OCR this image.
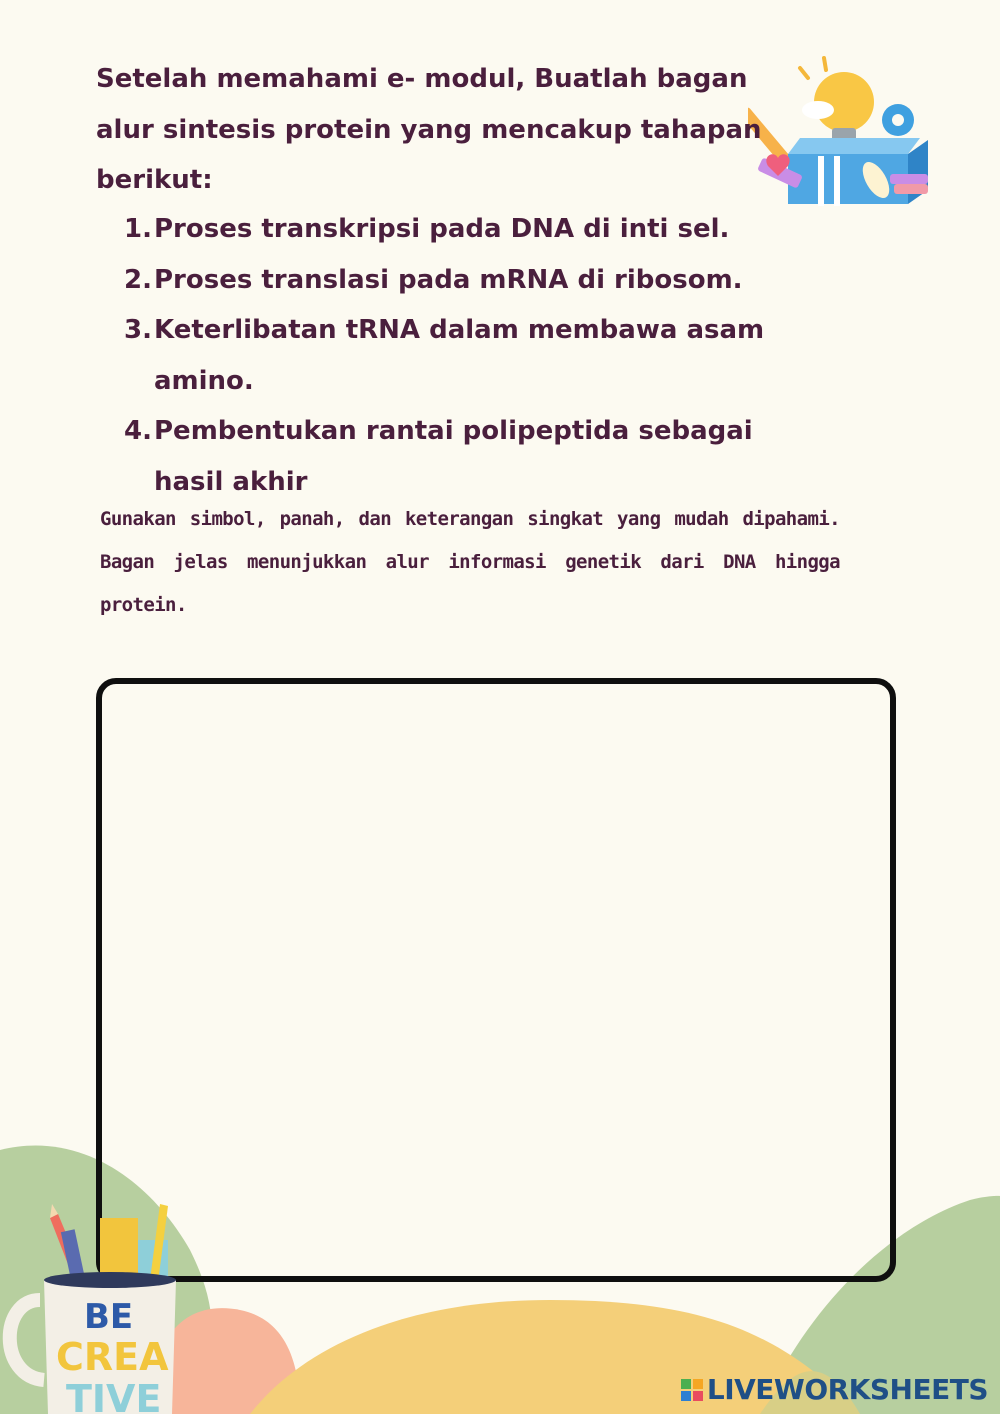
Setelah memahami e- modul, Buatlah bagan alur sintesis protein yang mencakup tahapan berikut:

1. Proses transkripsi pada DNA di inti sel.
2. Proses translasi pada mRNA di ribosom.
3. Keterlibatan tRNA dalam membawa asam amino.
4. Pembentukan rantai polipeptida sebagai hasil akhir

Gunakan simbol, panah, dan keterangan singkat yang mudah dipahami. Bagan jelas menunjukkan alur informasi genetik dari DNA hingga protein.

BE
CREA
TIVE	LIVEWORKSHEETS
